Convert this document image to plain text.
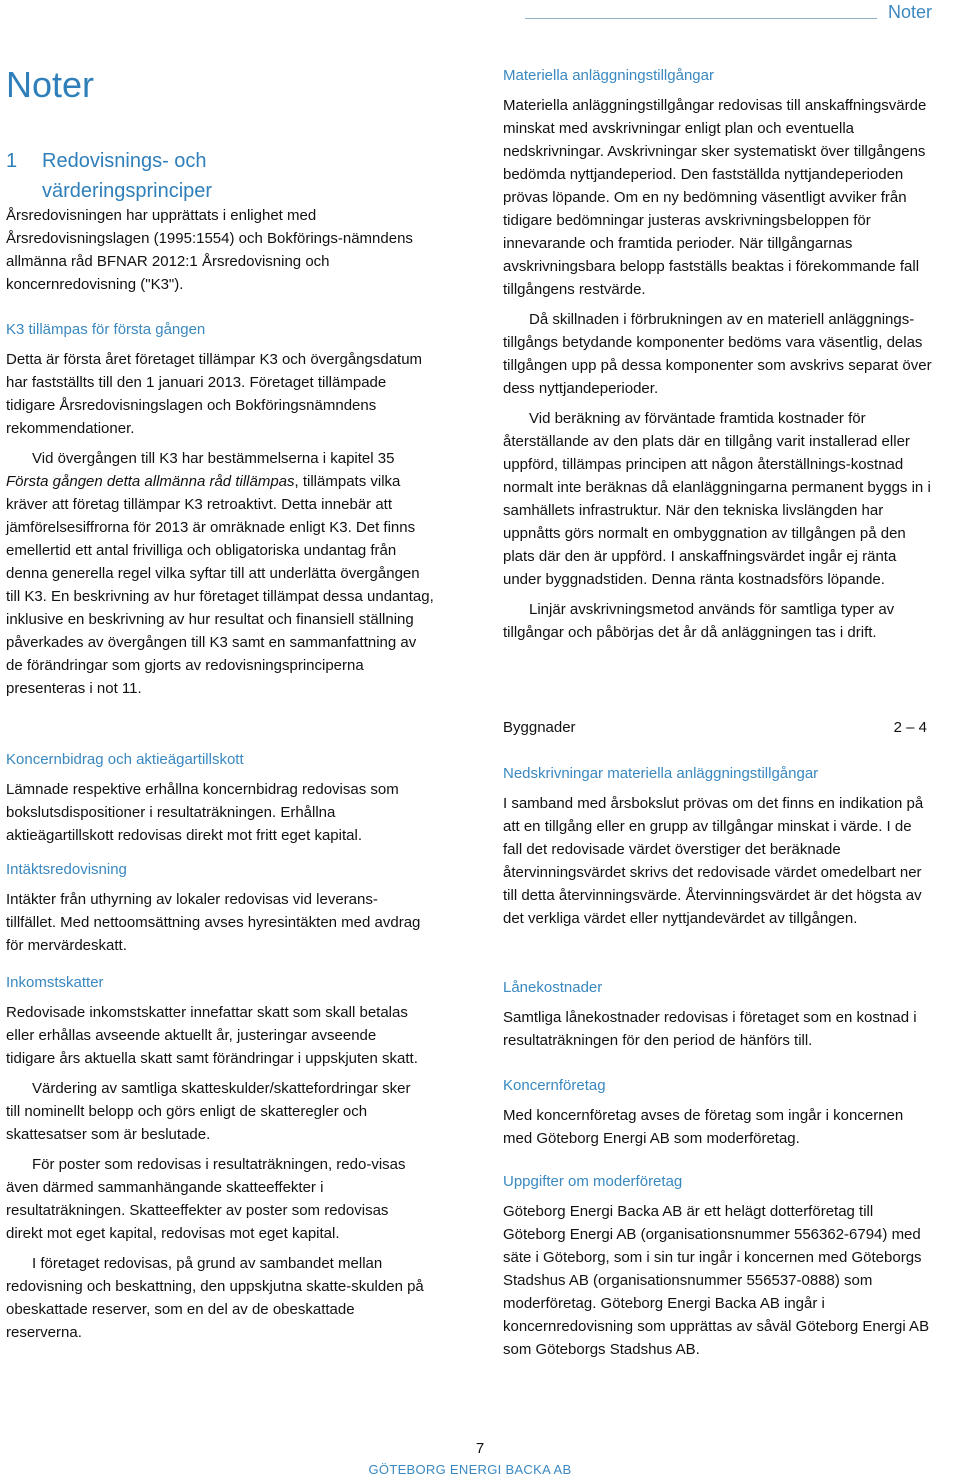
Noter
Noter
1 Redovisnings- och
värderingsprinciper

Årsredovisningen har upprättats i enlighet med Årsredovisningslagen (1995:1554) och Bokförings-nämndens allmänna råd BFNAR 2012:1 Årsredovisning och koncernredovisning ("K3").

K3 tillämpas för första gången

Detta är första året företaget tillämpar K3 och övergångsdatum har fastställts till den 1 januari 2013. Företaget tillämpade tidigare Årsredovisningslagen och Bokföringsnämndens rekommendationer.

Vid övergången till K3 har bestämmelserna i kapitel 35 Första gången detta allmänna råd tillämpas, tillämpats vilka kräver att företag tillämpar K3 retroaktivt. Detta innebär att jämförelsesiffrorna för 2013 är omräknade enligt K3. Det finns emellertid ett antal frivilliga och obligatoriska undantag från denna generella regel vilka syftar till att underlätta övergången till K3. En beskrivning av hur företaget tillämpat dessa undantag, inklusive en beskrivning av hur resultat och finansiell ställning påverkades av övergången till K3 samt en sammanfattning av de förändringar som gjorts av redovisningsprinciperna presenteras i not 11.

Koncernbidrag och aktieägartillskott

Lämnade respektive erhållna koncernbidrag redovisas som bokslutsdispositioner i resultaträkningen. Erhållna aktieägartillskott redovisas direkt mot fritt eget kapital.

Intäktsredovisning

Intäkter från uthyrning av lokaler redovisas vid leverans-tillfället. Med nettoomsättning avses hyresintäkten med avdrag för mervärdeskatt.

Inkomstskatter

Redovisade inkomstskatter innefattar skatt som skall betalas eller erhållas avseende aktuellt år, justeringar avseende tidigare års aktuella skatt samt förändringar i uppskjuten skatt.

Värdering av samtliga skatteskulder/skattefordringar sker till nominellt belopp och görs enligt de skatteregler och skattesatser som är beslutade.

För poster som redovisas i resultaträkningen, redo-visas även därmed sammanhängande skatteeffekter i resultaträkningen. Skatteeffekter av poster som redovisas direkt mot eget kapital, redovisas mot eget kapital.

I företaget redovisas, på grund av sambandet mellan redovisning och beskattning, den uppskjutna skatte-skulden på obeskattade reserver, som en del av de obeskattade reserverna.

Materiella anläggningstillgångar

Materiella anläggningstillgångar redovisas till anskaffningsvärde minskat med avskrivningar enligt plan och eventuella nedskrivningar. Avskrivningar sker systematiskt över tillgångens bedömda nyttjandeperiod. Den fastställda nyttjandeperioden prövas löpande. Om en ny bedömning väsentligt avviker från tidigare bedömningar justeras avskrivningsbeloppen för innevarande och framtida perioder. När tillgångarnas avskrivningsbara belopp fastställs beaktas i förekommande fall tillgångens restvärde.

Då skillnaden i förbrukningen av en materiell anläggnings-tillgångs betydande komponenter bedöms vara väsentlig, delas tillgången upp på dessa komponenter som avskrivs separat över dess nyttjandeperioder.

Vid beräkning av förväntade framtida kostnader för återställande av den plats där en tillgång varit installerad eller uppförd, tillämpas principen att någon återställnings-kostnad normalt inte beräknas då elanläggningarna permanent byggs in i samhällets infrastruktur. När den tekniska livslängden har uppnåtts görs normalt en ombyggnation av tillgången på den plats där den är uppförd. I anskaffningsvärdet ingår ej ränta under byggnadstiden. Denna ränta kostnadsförs löpande.

Linjär avskrivningsmetod används för samtliga typer av tillgångar och påbörjas det år då anläggningen tas i drift.

Byggnader	2 – 4

Nedskrivningar materiella anläggningstillgångar

I samband med årsbokslut prövas om det finns en indikation på att en tillgång eller en grupp av tillgångar minskat i värde. I de fall det redovisade värdet överstiger det beräknade återvinningsvärdet skrivs det redovisade värdet omedelbart ner till detta återvinningsvärde. Återvinningsvärdet är det högsta av det verkliga värdet eller nyttjandevärdet av tillgången.

Lånekostnader

Samtliga lånekostnader redovisas i företaget som en kostnad i resultaträkningen för den period de hänförs till.

Koncernföretag

Med koncernföretag avses de företag som ingår i koncernen med Göteborg Energi AB som moderföretag.

Uppgifter om moderföretag

Göteborg Energi Backa AB är ett helägt dotterföretag till Göteborg Energi AB (organisationsnummer 556362-6794) med säte i Göteborg, som i sin tur ingår i koncernen med Göteborgs Stadshus AB (organisationsnummer 556537-0888) som moderföretag. Göteborg Energi Backa AB ingår i koncernredovisning som upprättas av såväl Göteborg Energi AB som Göteborgs Stadshus AB.

7
GÖTEBORG ENERGI BACKA AB
